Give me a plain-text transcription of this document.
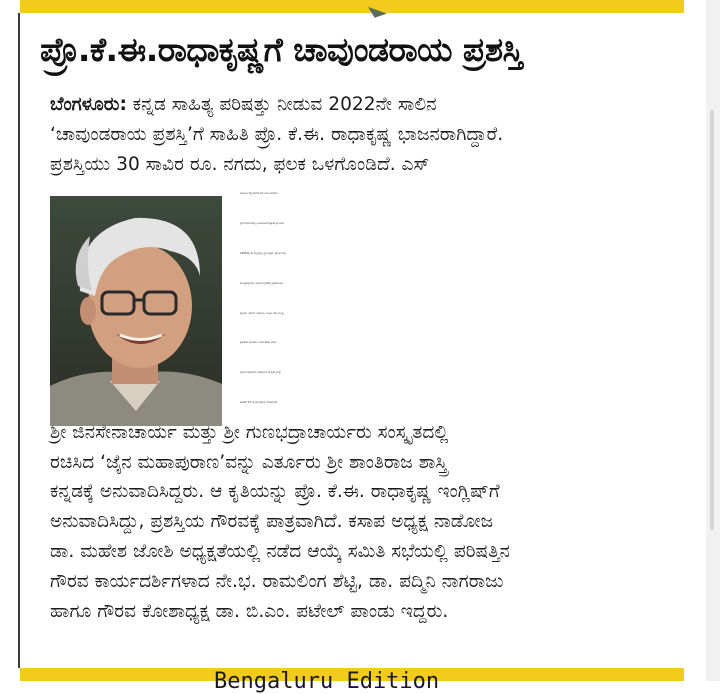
ಪ್ರೊ.ಕೆ.ಈ.ರಾಧಾಕೃಷ್ಣಗೆ ಚಾವುಂಡರಾಯ ಪ್ರಶಸ್ತಿ
ಬೆಂಗಳೂರು: ಕನ್ನಡ ಸಾಹಿತ್ಯ ಪರಿಷತ್ತು ನೀಡುವ 2022ನೇ ಸಾಲಿನ
‘ಚಾವುಂಡರಾಯ ಪ್ರಶಸ್ತಿ’ಗೆ ಸಾಹಿತಿ ಪ್ರೊ. ಕೆ.ಈ. ರಾಧಾಕೃಷ್ಣ ಭಾಜನರಾಗಿದ್ದಾರೆ.
ಪ್ರಶಸ್ತಿಯು 30 ಸಾವಿರ ರೂ. ನಗದು, ಫಲಕ ಒಳಗೊಂಡಿದೆ. ಎಸ್
ಡಿಜಿಎಂಎ ಮ್ಯಾನೇಜ್‌ಮೆಂಟ್ ಕಮಿಟಿ ಪರವಾಗಿ
ಶ್ರವಣಬೆಳಗೊಳದ ಶ್ರೀ ಚಾರುಕೀರ್ತಿಭಟ್ಟಾರಕ ಸ್ವಾಮೀಜಿ
1995ರಲ್ಲಿ ಈ ದತ್ತಿ ಪ್ರಶಸ್ತಿ ಸ್ಥಾಪಿಸಿದ್ದರು. ಪ್ರಾಚೀನ ಜೈನ
ಸಾಹಿತ್ಯವನ್ನಾಧರಿಸಿ ಆಧುನಿಕ ಕನ್ನಡದಲ್ಲಿ ಪ್ರಕಟಗೊಂಡ
ಪ್ರಬಂಧ, ವಿಮರ್ಶೆ, ಕಾದಂಬರಿ, ನಾಟಕ, ಕಥಾ ಸಾಹಿತ್ಯ
ಪ್ರಕಾರಗಳ ಲೇಖಕರು, ಅನುವಾದಕರು ಅಥವಾ
ಗ್ರಂಥ ಸಂಪಾದಕರಿಗೆ ನೀಡಲಾಗುವ ಈ ಪ್ರಶಸ್ತಿಯನ್ನು
ಈವರೆಗೆ 27 ಮಂದಿಗೆ ಪ್ರದಾನ ಮಾಡಲಾಗಿದೆ.
ಶ್ರೀ ಜಿನಸೇನಾಚಾರ್ಯ ಮತ್ತು ಶ್ರೀ ಗುಣಭದ್ರಾಚಾರ್ಯರು ಸಂಸ್ಕೃತದಲ್ಲಿ
ರಚಿಸಿದ ‘ಜೈನ ಮಹಾಪುರಾಣ’ವನ್ನು ಎರ್ತೂರು ಶ್ರೀ ಶಾಂತಿರಾಜ ಶಾಸ್ತ್ರಿ
ಕನ್ನಡಕ್ಕೆ ಅನುವಾದಿಸಿದ್ದರು. ಆ ಕೃತಿಯನ್ನು ಪ್ರೊ. ಕೆ.ಈ. ರಾಧಾಕೃಷ್ಣ ಇಂಗ್ಲಿಷ್‌ಗೆ
ಅನುವಾದಿಸಿದ್ದು, ಪ್ರಶಸ್ತಿಯ ಗೌರವಕ್ಕೆ ಪಾತ್ರವಾಗಿದೆ. ಕಸಾಪ ಅಧ್ಯಕ್ಷ ನಾಡೋಜ
ಡಾ. ಮಹೇಶ ಜೋಶಿ ಅಧ್ಯಕ್ಷತೆಯಲ್ಲಿ ನಡೆದ ಆಯ್ಕೆ ಸಮಿತಿ ಸಭೆಯಲ್ಲಿ ಪರಿಷತ್ತಿನ
ಗೌರವ ಕಾರ್ಯದರ್ಶಿಗಳಾದ ನೇ.ಭ. ರಾಮಲಿಂಗ ಶೆಟ್ಟಿ, ಡಾ. ಪದ್ಮಿನಿ ನಾಗರಾಜು
ಹಾಗೂ ಗೌರವ ಕೋಶಾಧ್ಯಕ್ಷ ಡಾ. ಬಿ.ಎಂ. ಪಟೇಲ್ ಪಾಂಡು ಇದ್ದರು.
Bengaluru Edition
